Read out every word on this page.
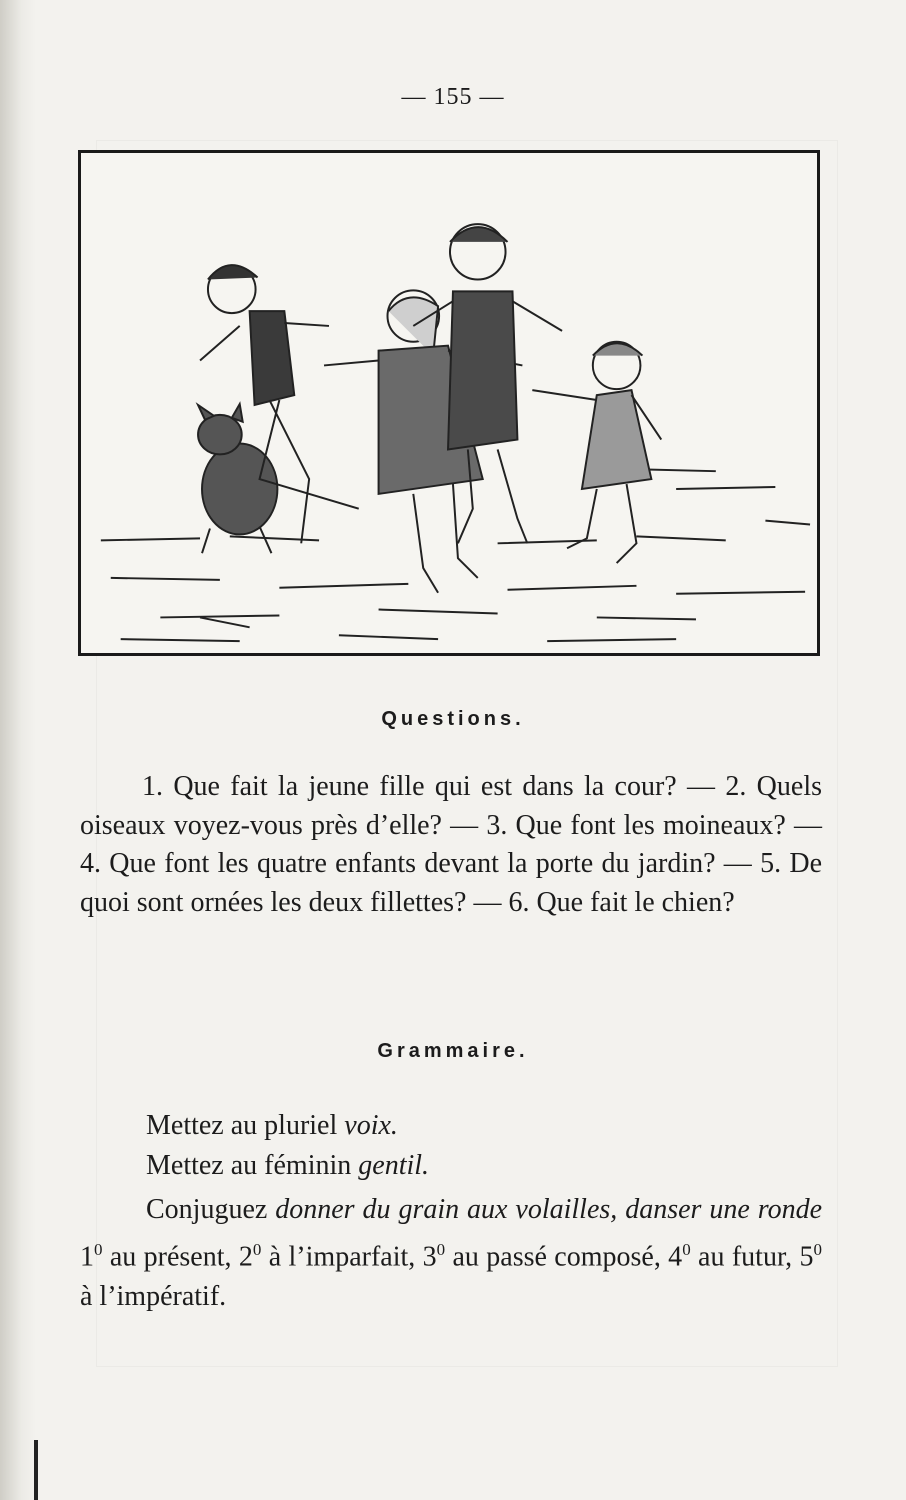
— 155 —
Questions.
1. Que fait la jeune fille qui est dans la cour? — 2. Quels oiseaux voyez-vous près d’elle? — 3. Que font les moineaux? — 4. Que font les quatre enfants devant la porte du jardin? — 5. De quoi sont ornées les deux fillettes? — 6. Que fait le chien?
Grammaire.
Mettez au pluriel voix.
Mettez au féminin gentil.
Conjuguez donner du grain aux volailles, danser une ronde $1^0$ au présent, $2^0$ à l’imparfait, $3^0$ au passé composé, $4^0$ au futur, $5^0$ à l’impératif.
